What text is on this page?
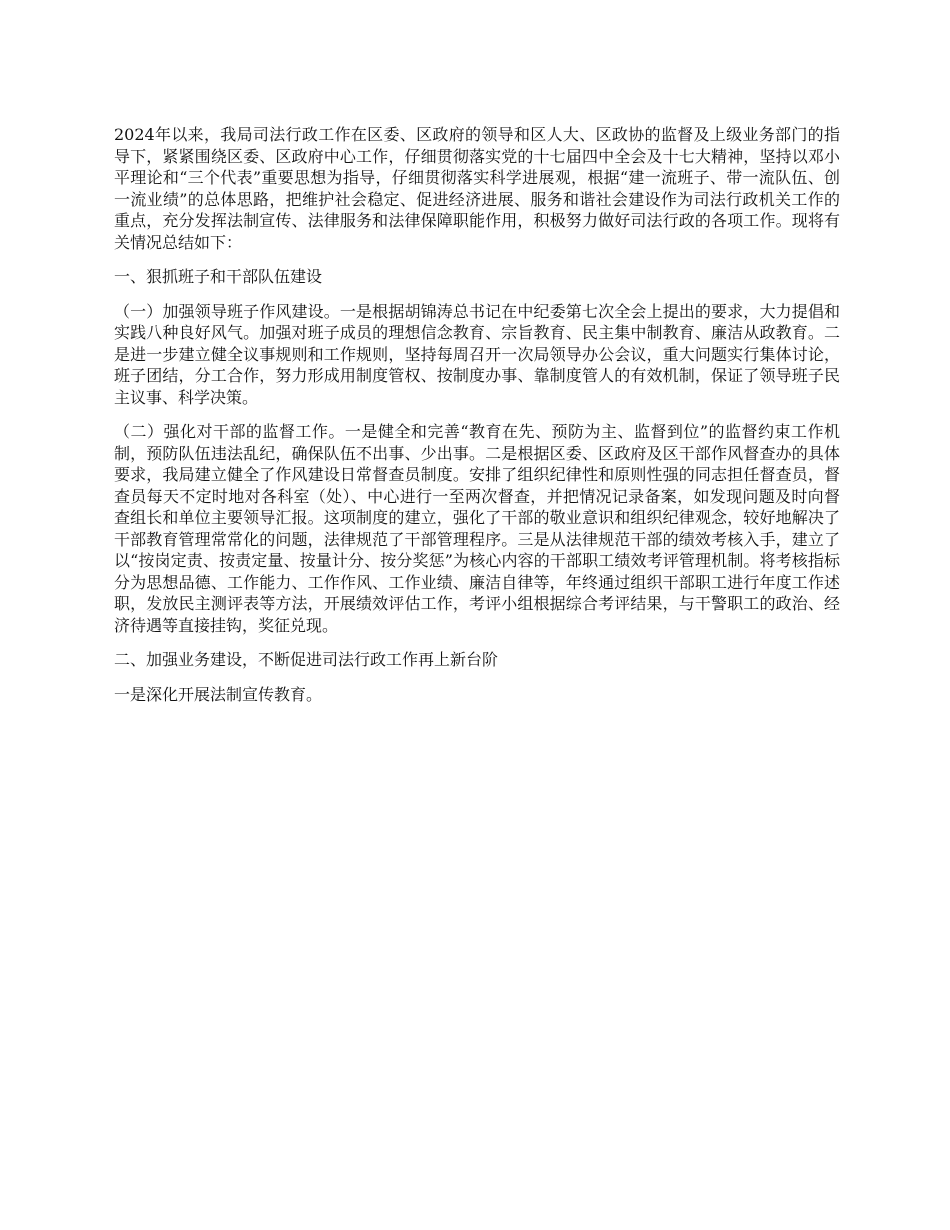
2024年以来，我局司法行政工作在区委、区政府的领导和区人大、区政协的监督及上级业务部门的指导下，紧紧围绕区委、区政府中心工作，仔细贯彻落实党的十七届四中全会及十七大精神，坚持以邓小平理论和“三个代表”重要思想为指导，仔细贯彻落实科学进展观，根据“建一流班子、带一流队伍、创一流业绩”的总体思路，把维护社会稳定、促进经济进展、服务和谐社会建设作为司法行政机关工作的重点，充分发挥法制宣传、法律服务和法律保障职能作用，积极努力做好司法行政的各项工作。现将有关情况总结如下：

一、狠抓班子和干部队伍建设

（一）加强领导班子作风建设。一是根据胡锦涛总书记在中纪委第七次全会上提出的要求，大力提倡和实践八种良好风气。加强对班子成员的理想信念教育、宗旨教育、民主集中制教育、廉洁从政教育。二是进一步建立健全议事规则和工作规则，坚持每周召开一次局领导办公会议，重大问题实行集体讨论，班子团结，分工合作，努力形成用制度管权、按制度办事、靠制度管人的有效机制，保证了领导班子民主议事、科学决策。

（二）强化对干部的监督工作。一是健全和完善“教育在先、预防为主、监督到位”的监督约束工作机制，预防队伍违法乱纪，确保队伍不出事、少出事。二是根据区委、区政府及区干部作风督查办的具体要求，我局建立健全了作风建设日常督查员制度。安排了组织纪律性和原则性强的同志担任督查员，督查员每天不定时地对各科室（处）、中心进行一至两次督查，并把情况记录备案，如发现问题及时向督查组长和单位主要领导汇报。这项制度的建立，强化了干部的敬业意识和组织纪律观念，较好地解决了干部教育管理常常化的问题，法律规范了干部管理程序。三是从法律规范干部的绩效考核入手，建立了以“按岗定责、按责定量、按量计分、按分奖惩”为核心内容的干部职工绩效考评管理机制。将考核指标分为思想品德、工作能力、工作作风、工作业绩、廉洁自律等，年终通过组织干部职工进行年度工作述职，发放民主测评表等方法，开展绩效评估工作，考评小组根据综合考评结果，与干警职工的政治、经济待遇等直接挂钩，奖征兑现。

二、加强业务建设，不断促进司法行政工作再上新台阶

一是深化开展法制宣传教育。
